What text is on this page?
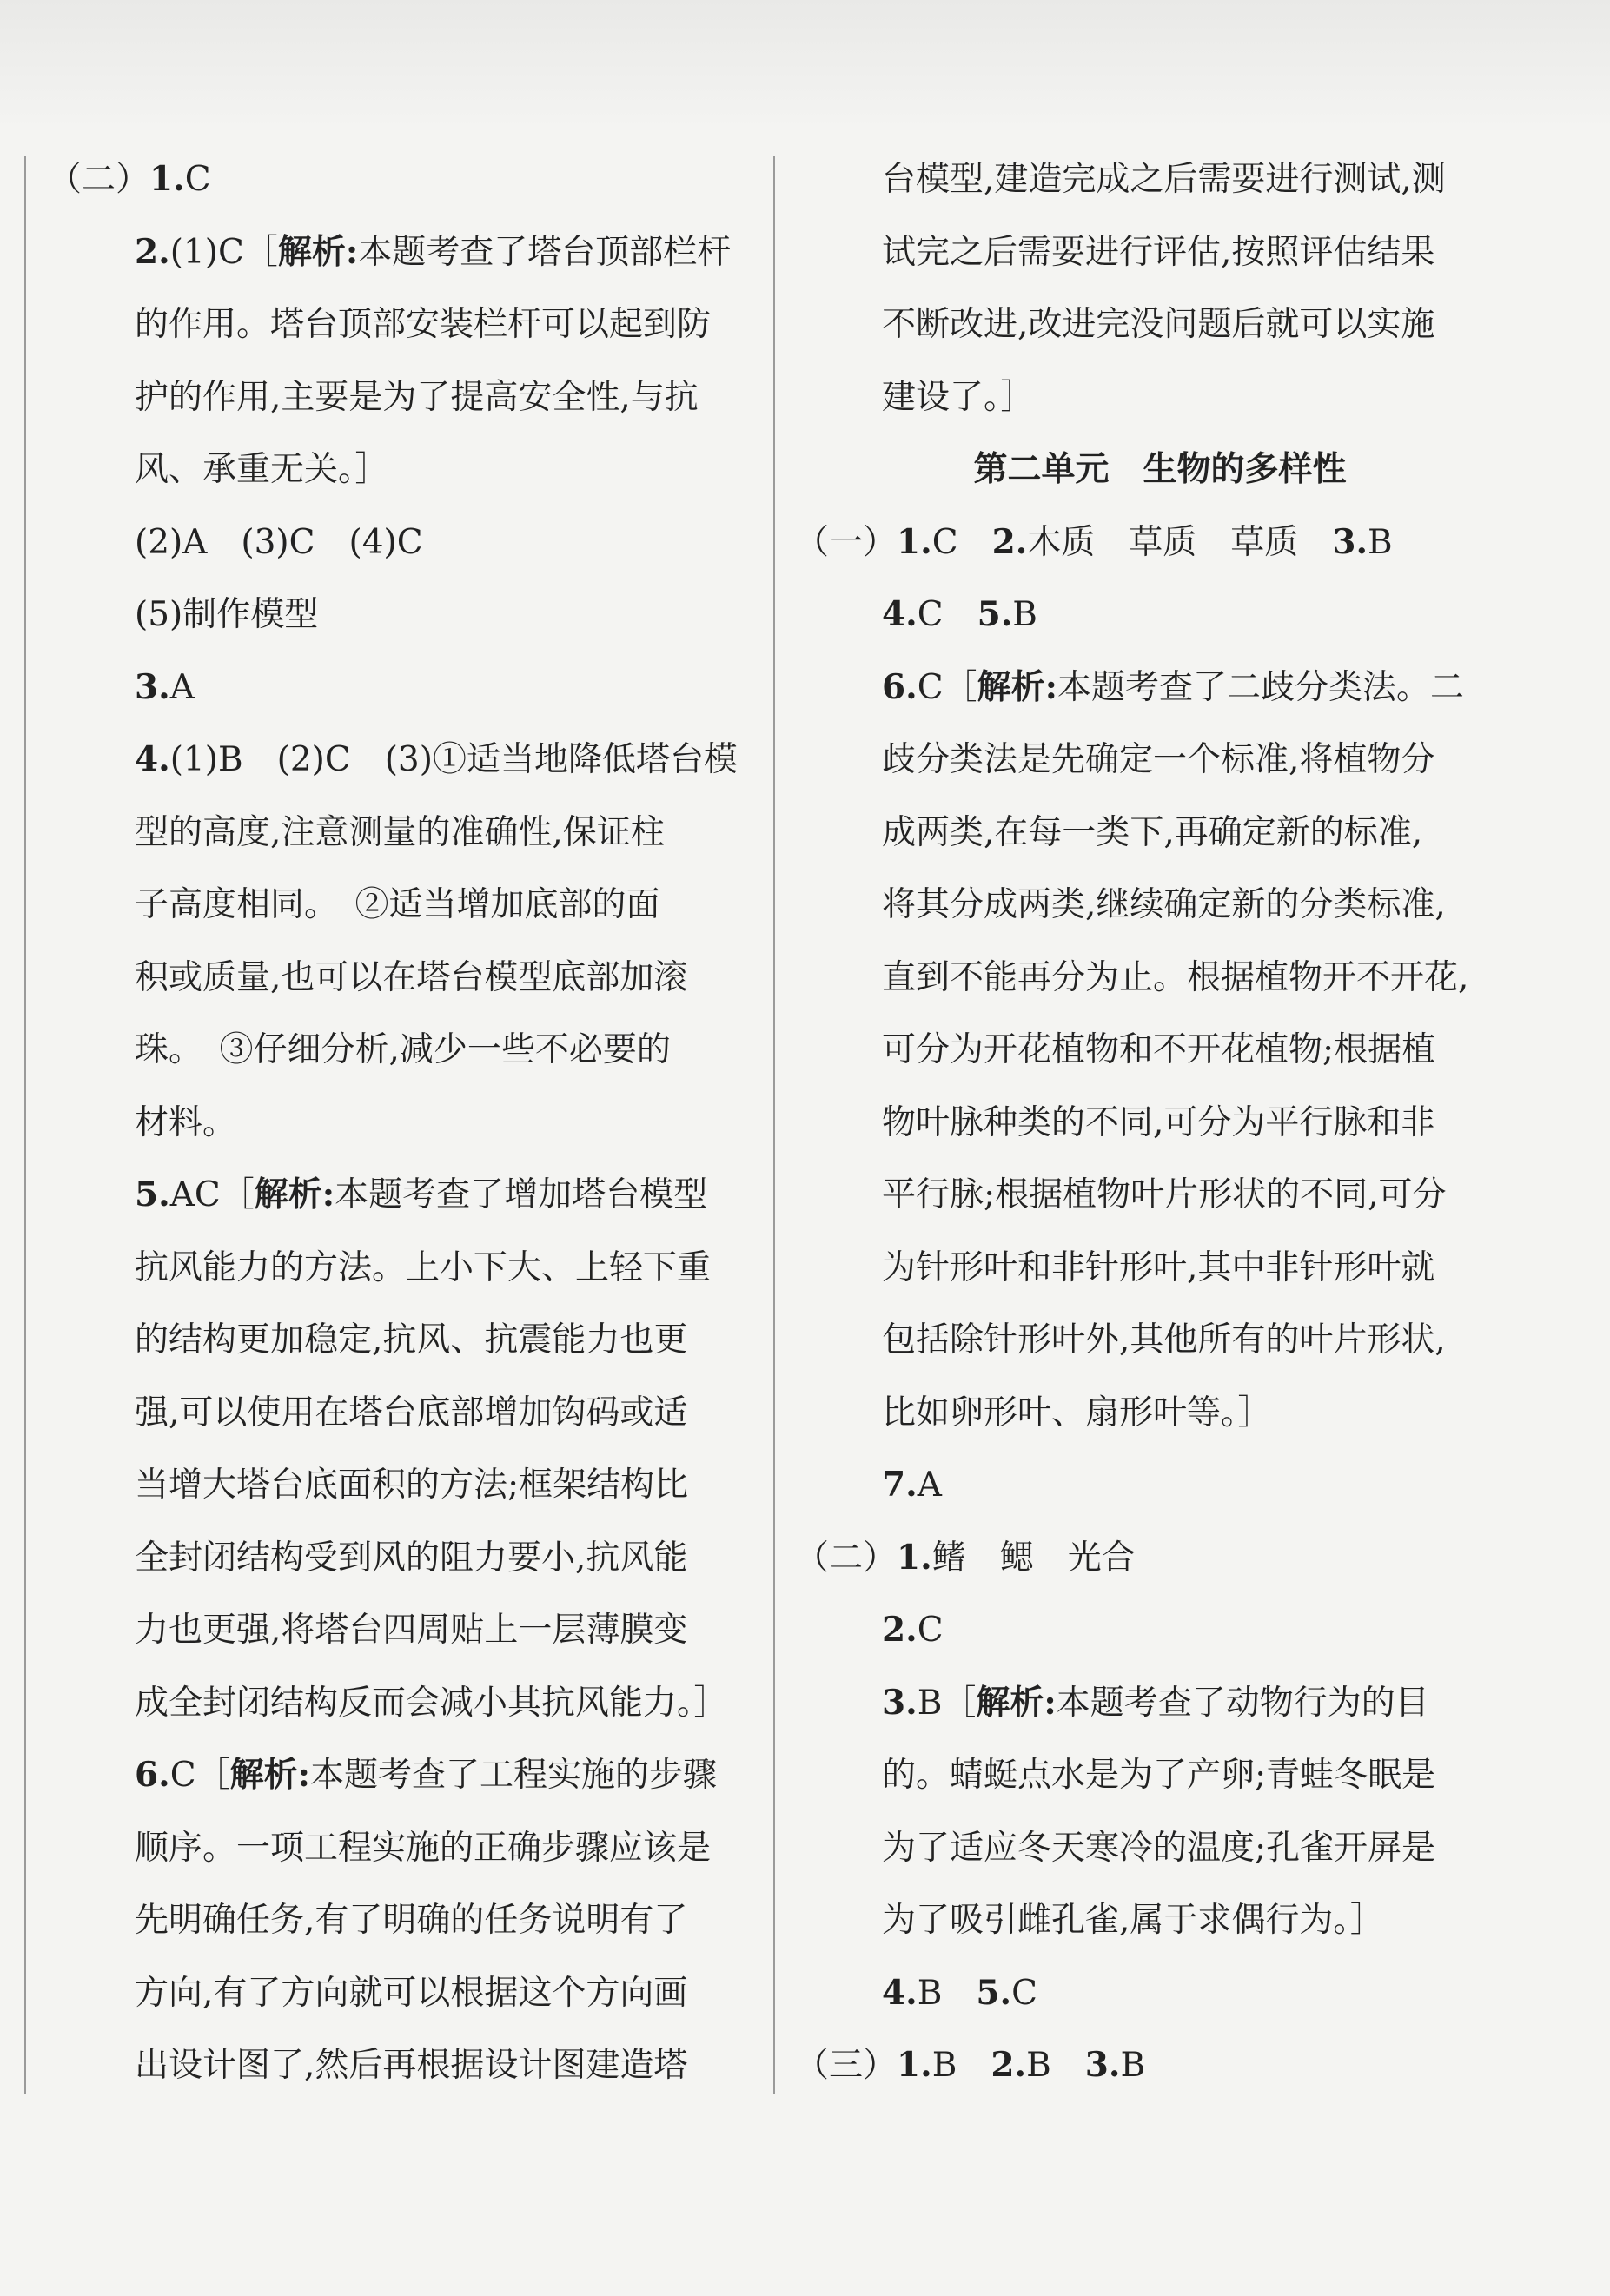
（二）1.C

2.(1)C［解析:本题考查了塔台顶部栏杆

的作用。塔台顶部安装栏杆可以起到防

护的作用,主要是为了提高安全性,与抗

风、承重无关。］

(2)A　(3)C　(4)C

(5)制作模型

3.A

4.(1)B　(2)C　(3)①适当地降低塔台模

型的高度,注意测量的准确性,保证柱

子高度相同。　②适当增加底部的面

积或质量,也可以在塔台模型底部加滚

珠。　③仔细分析,减少一些不必要的

材料。

5.AC［解析:本题考查了增加塔台模型

抗风能力的方法。上小下大、上轻下重

的结构更加稳定,抗风、抗震能力也更

强,可以使用在塔台底部增加钩码或适

当增大塔台底面积的方法;框架结构比

全封闭结构受到风的阻力要小,抗风能

力也更强,将塔台四周贴上一层薄膜变

成全封闭结构反而会减小其抗风能力。］

6.C［解析:本题考查了工程实施的步骤

顺序。一项工程实施的正确步骤应该是

先明确任务,有了明确的任务说明有了

方向,有了方向就可以根据这个方向画

出设计图了,然后再根据设计图建造塔

台模型,建造完成之后需要进行测试,测

试完之后需要进行评估,按照评估结果

不断改进,改进完没问题后就可以实施

建设了。］

第二单元　生物的多样性

（一）1.C　2.木质　草质　草质　3.B

4.C　5.B

6.C［解析:本题考查了二歧分类法。二

歧分类法是先确定一个标准,将植物分

成两类,在每一类下,再确定新的标准,

将其分成两类,继续确定新的分类标准,

直到不能再分为止。根据植物开不开花,

可分为开花植物和不开花植物;根据植

物叶脉种类的不同,可分为平行脉和非

平行脉;根据植物叶片形状的不同,可分

为针形叶和非针形叶,其中非针形叶就

包括除针形叶外,其他所有的叶片形状,

比如卵形叶、扇形叶等。］

7.A

（二）1.鳍　鳃　光合

2.C

3.B［解析:本题考查了动物行为的目

的。蜻蜓点水是为了产卵;青蛙冬眠是

为了适应冬天寒冷的温度;孔雀开屏是

为了吸引雌孔雀,属于求偶行为。］

4.B　5.C

（三）1.B　2.B　3.B
